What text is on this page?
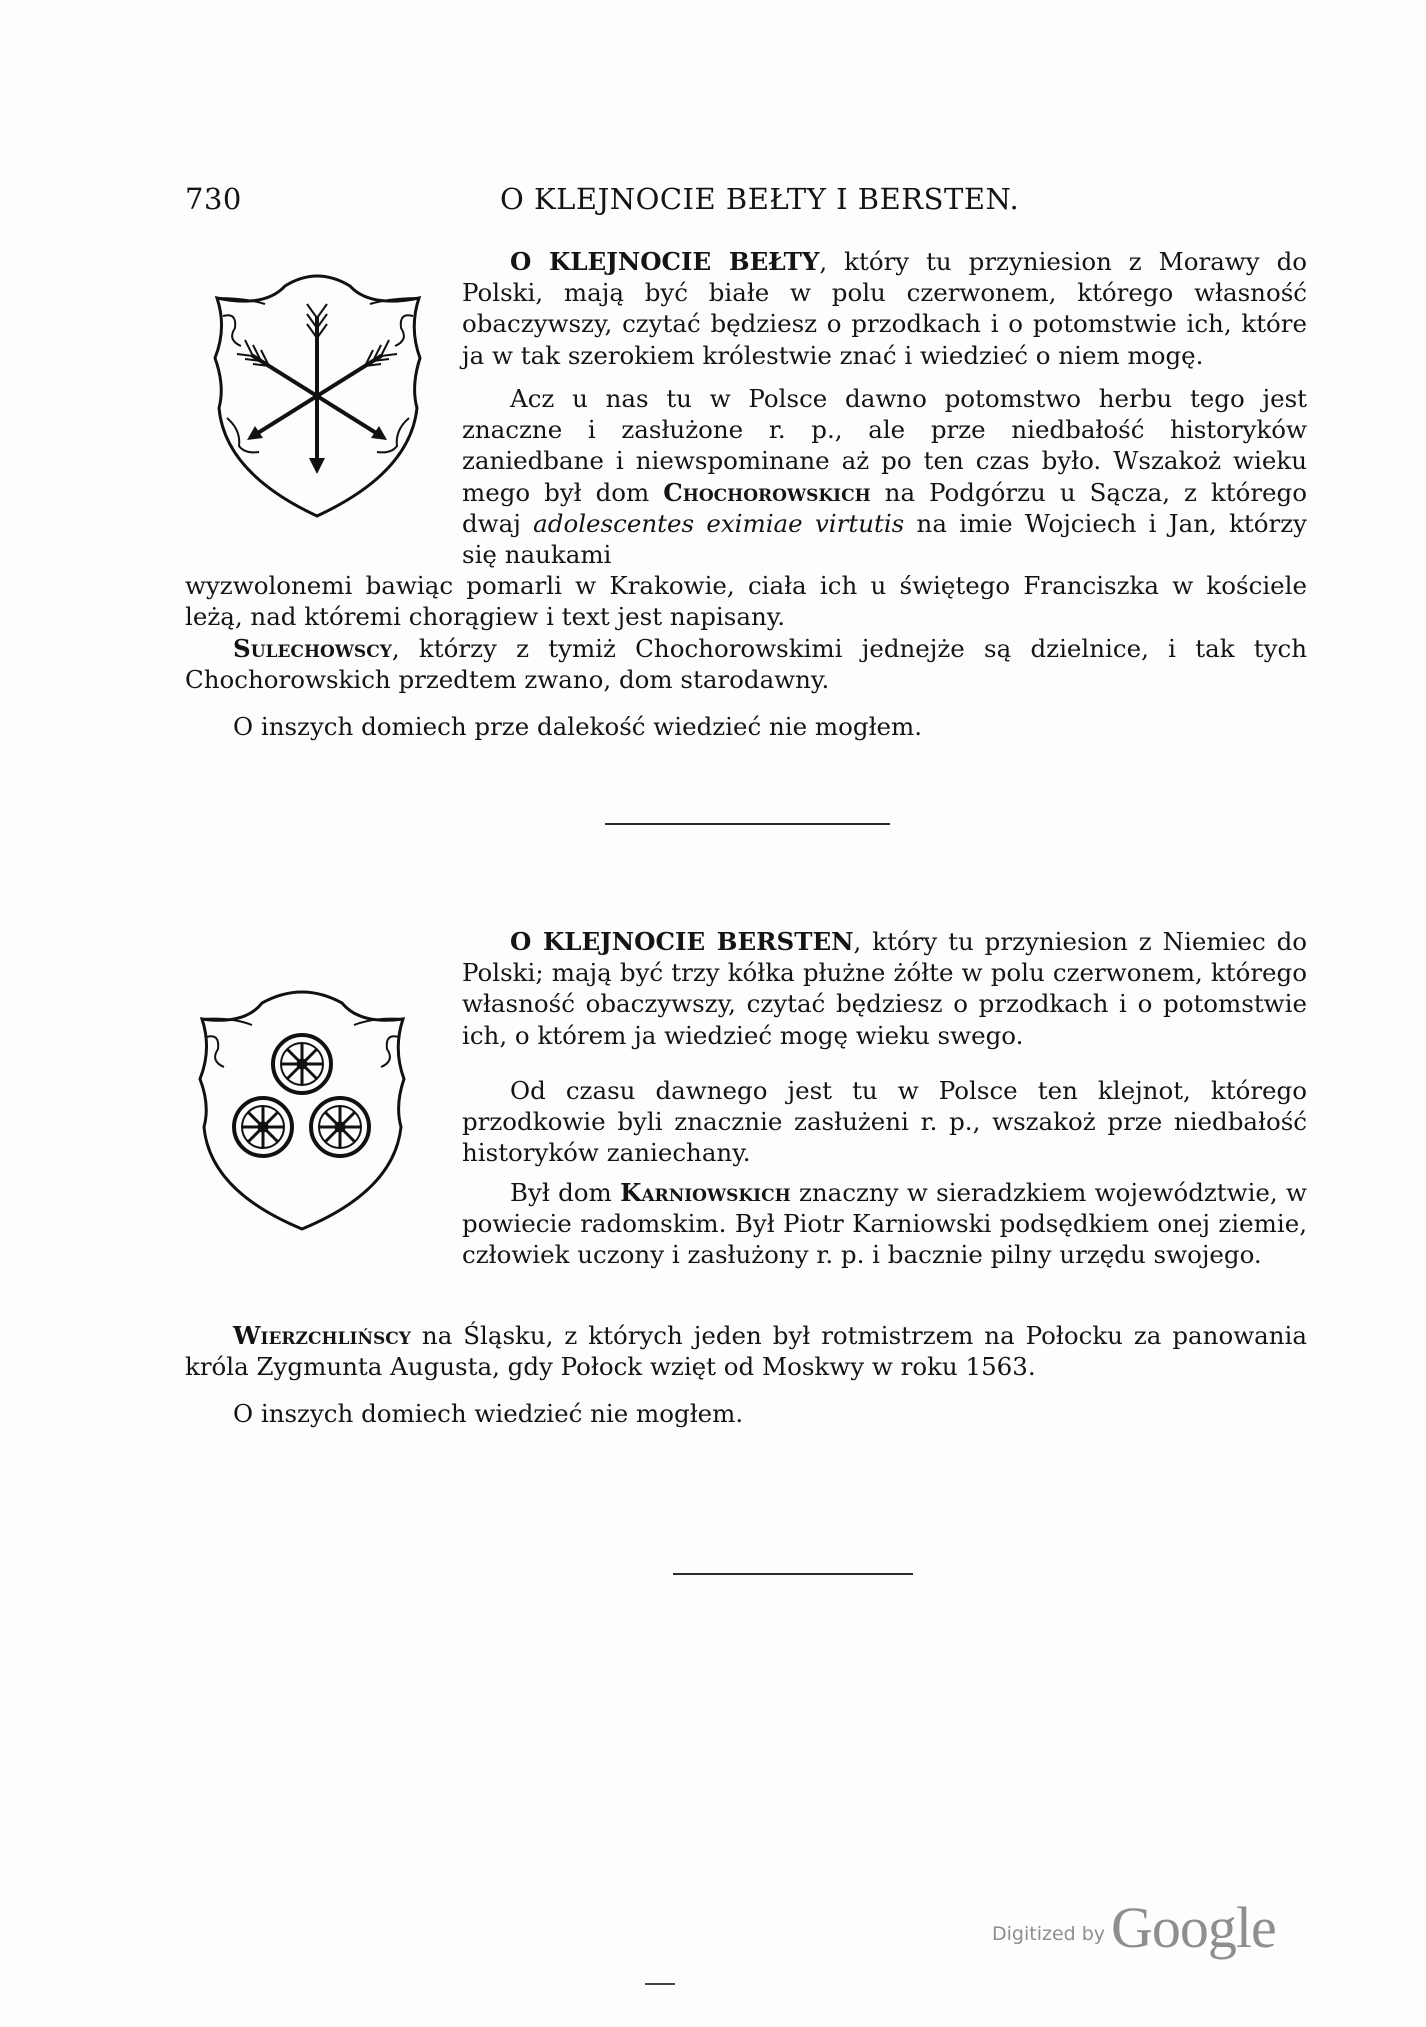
730	O KLEJNOCIE BEŁTY I BERSTEN.
O KLEJNOCIE BEŁTY, który tu przyniesion z Morawy do Polski, mają być białe w polu czerwonem, którego własność obaczywszy, czytać będziesz o przodkach i o potomstwie ich, które ja w tak szerokiem królestwie znać i wiedzieć o niem mogę.
Acz u nas tu w Polsce dawno potomstwo herbu tego jest znaczne i zasłużone r. p., ale prze niedbałość historyków zaniedbane i niewspominane aż po ten czas było. Wszakoż wieku mego był dom Chochorowskich na Podgórzu u Sącza, z którego dwaj adolescentes eximiae virtutis na imie Wojciech i Jan, którzy się naukami
wyzwolonemi bawiąc pomarli w Krakowie, ciała ich u świętego Franciszka w kościele leżą, nad któremi chorągiew i text jest napisany.
Sulechowscy, którzy z tymiż Chochorowskimi jednejże są dzielnice, i tak tych Chochorowskich przedtem zwano, dom starodawny.
O inszych domiech prze dalekość wiedzieć nie mogłem.
O KLEJNOCIE BERSTEN, który tu przyniesion z Niemiec do Polski; mają być trzy kółka płużne żółte w polu czerwonem, którego własność obaczywszy, czytać będziesz o przodkach i o potomstwie ich, o którem ja wiedzieć mogę wieku swego.
Od czasu dawnego jest tu w Polsce ten klejnot, którego przodkowie byli znacznie zasłużeni r. p., wszakoż prze niedbałość historyków zaniechany.
Był dom Karniowskich znaczny w sieradzkiem województwie, w powiecie radomskim. Był Piotr Karniowski podsędkiem onej ziemie, człowiek uczony i zasłużony r. p. i bacznie pilny urzędu swojego.
Wierzchlińscy na Śląsku, z których jeden był rotmistrzem na Połocku za panowania króla Zygmunta Augusta, gdy Połock wzięt od Moskwy w roku 1563.
O inszych domiech wiedzieć nie mogłem.
Digitized by Google
